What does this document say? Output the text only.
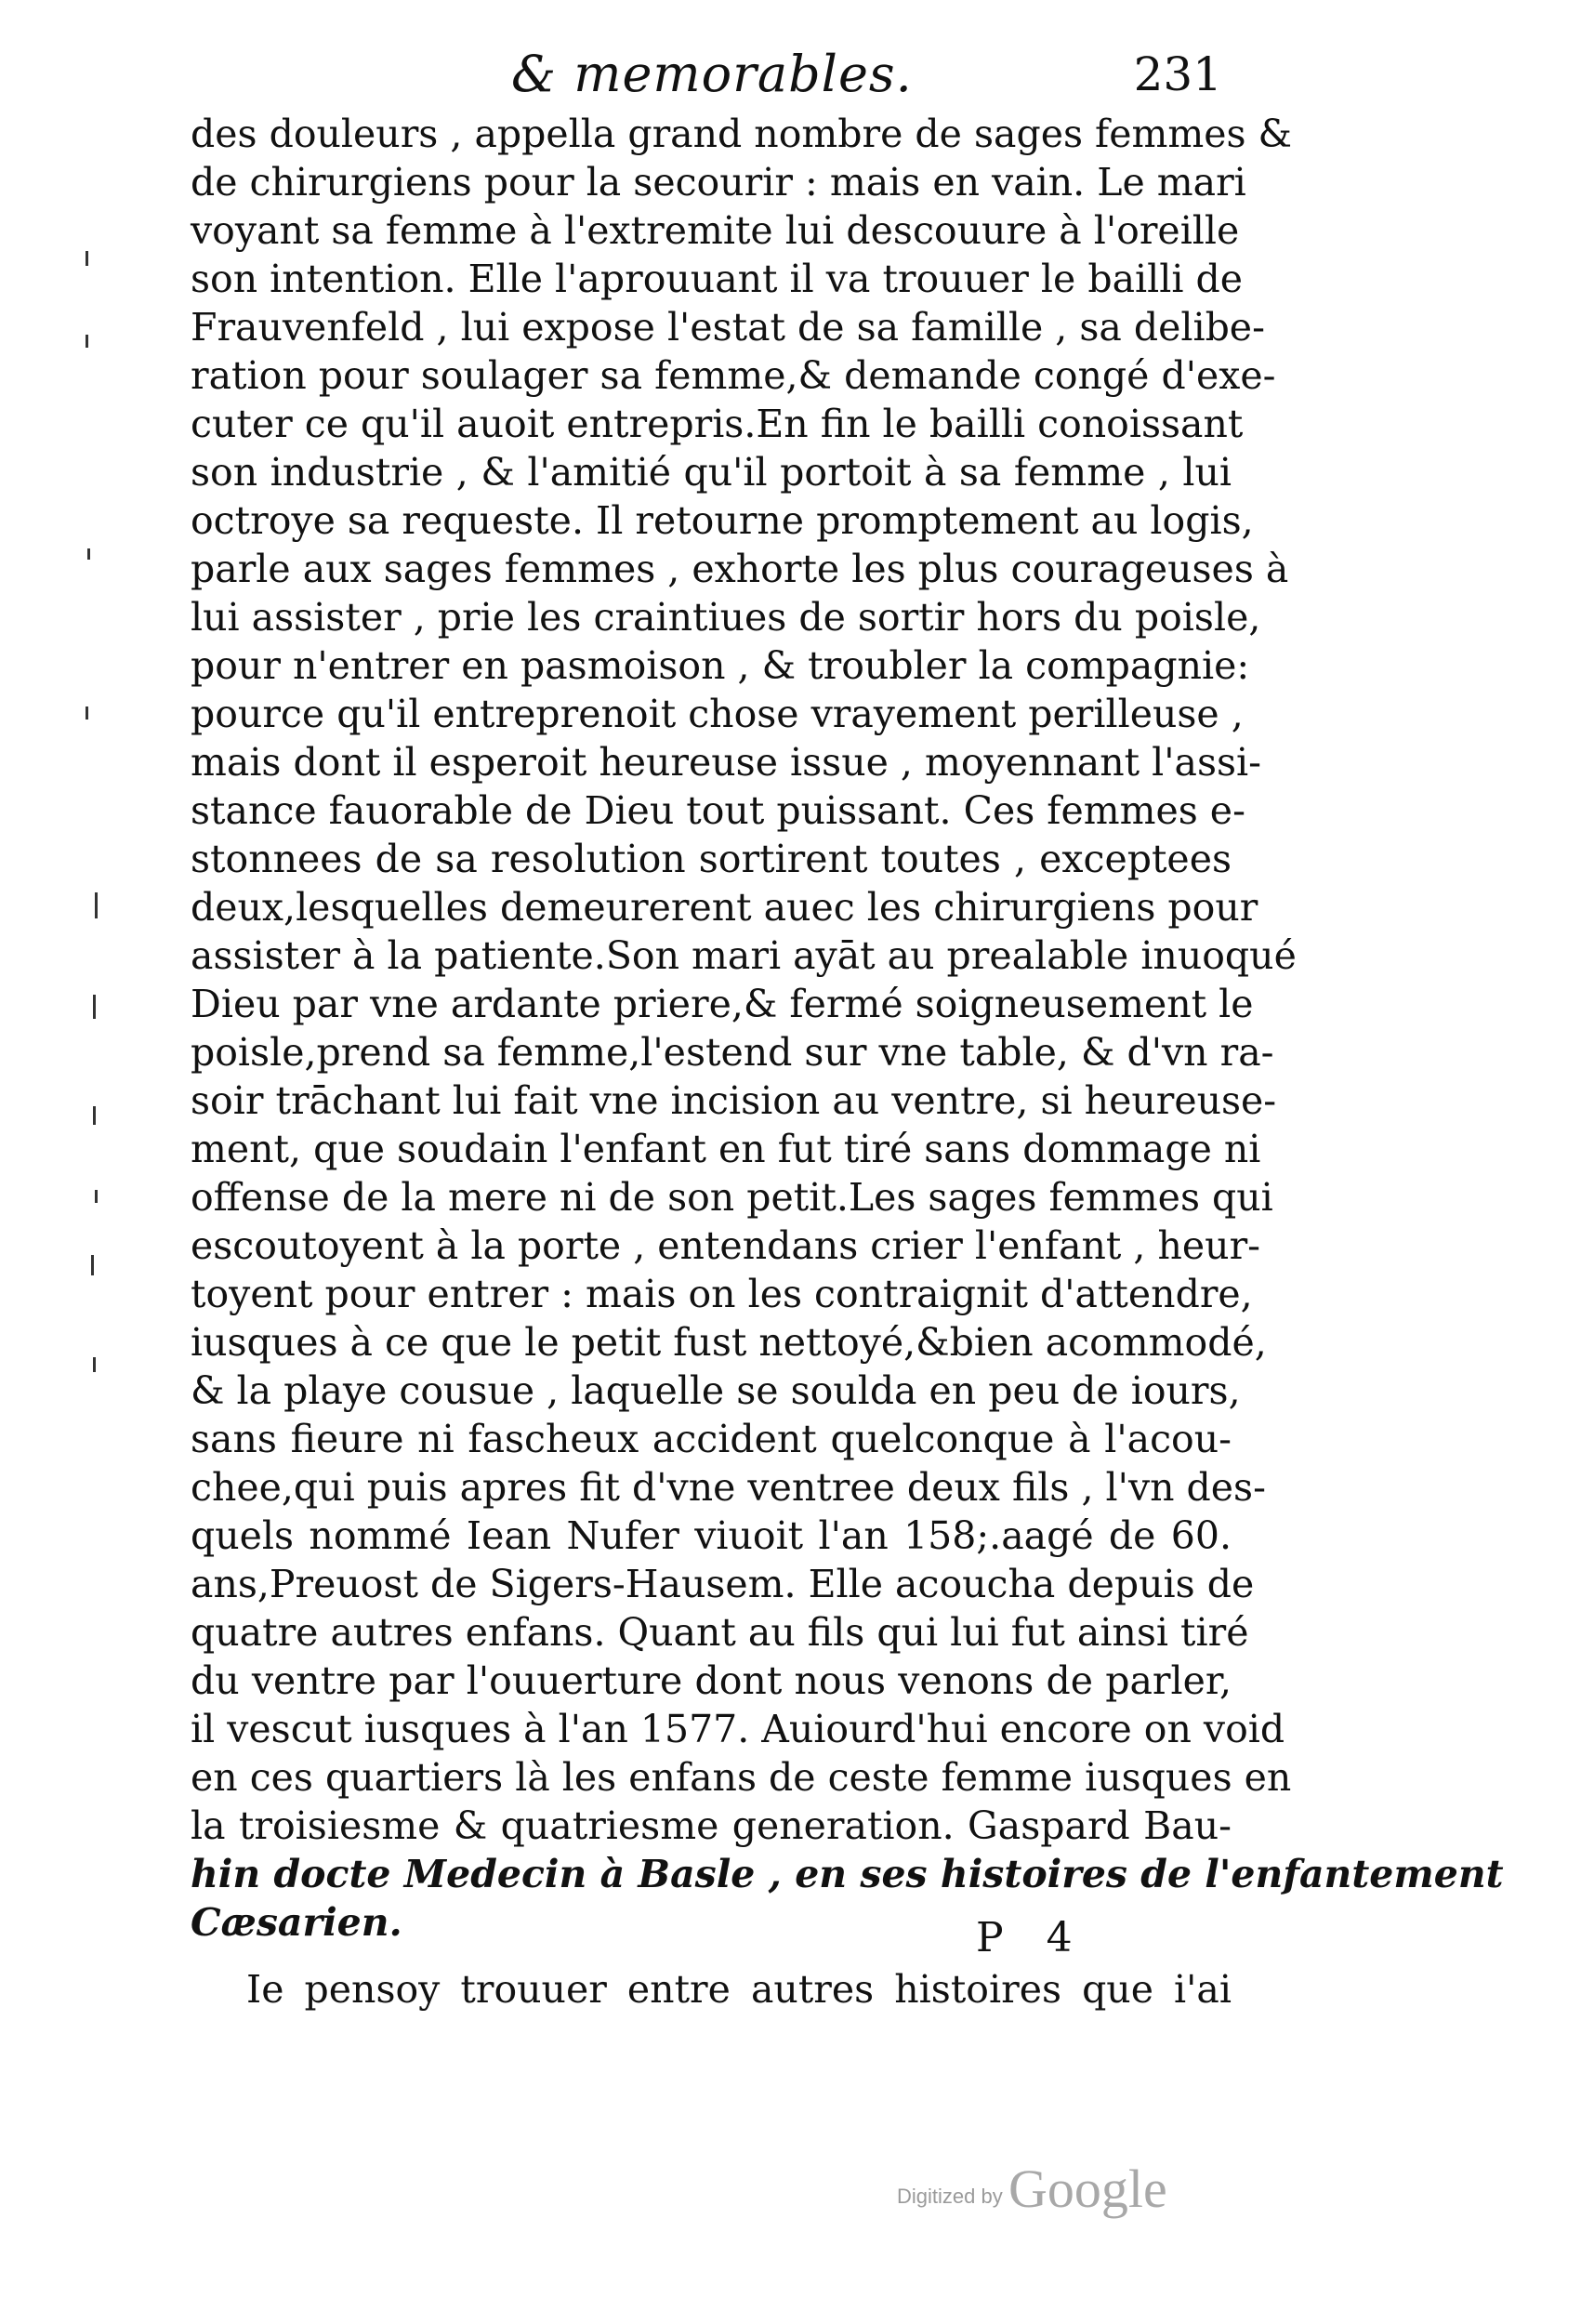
& memorables.	231
des douleurs , appella grand nombre de sages femmes &
de chirurgiens pour la secourir : mais en vain. Le mari
voyant sa femme à l'extremite lui descouure à l'oreille
son intention. Elle l'aprouuant il va trouuer le bailli de
Frauvenfeld , lui expose l'estat de sa famille , sa delibe-
ration pour soulager sa femme,& demande congé d'exe-
cuter ce qu'il auoit entrepris.En fin le bailli conoissant
son industrie , & l'amitié qu'il portoit à sa femme , lui
octroye sa requeste. Il retourne promptement au logis,
parle aux sages femmes , exhorte les plus courageuses à
lui assister , prie les craintiues de sortir hors du poisle,
pour n'entrer en pasmoison , & troubler la compagnie:
pource qu'il entreprenoit chose vrayement perilleuse ,
mais dont il esperoit heureuse issue , moyennant l'assi-
stance fauorable de Dieu tout puissant. Ces femmes e-
stonnees de sa resolution sortirent toutes , exceptees
deux,lesquelles demeurerent auec les chirurgiens pour
assister à la patiente.Son mari ayāt au prealable inuoqué
Dieu par vne ardante priere,& fermé soigneusement le
poisle,prend sa femme,l'estend sur vne table, & d'vn ra-
soir trāchant lui fait vne incision au ventre, si heureuse-
ment, que soudain l'enfant en fut tiré sans dommage ni
offense de la mere ni de son petit.Les sages femmes qui
escoutoyent à la porte , entendans crier l'enfant , heur-
toyent pour entrer : mais on les contraignit d'attendre,
iusques à ce que le petit fust nettoyé,&bien acommodé,
& la playe cousue , laquelle se soulda en peu de iours,
sans fieure ni fascheux accident quelconque à l'acou-
chee,qui puis apres fit d'vne ventree deux fils , l'vn des-
quels nommé Iean Nufer viuoit l'an 158;.aagé de 60.
ans,Preuost de Sigers-Hausem. Elle acoucha depuis de
quatre autres enfans. Quant au fils qui lui fut ainsi tiré
du ventre par l'ouuerture dont nous venons de parler,
il vescut iusques à l'an 1577. Auiourd'hui encore on void
en ces quartiers là les enfans de ceste femme iusques en
la troisiesme & quatriesme generation. Gaspard Bau-
hin docte Medecin à Basle , en ses histoires de l'enfantement
Cæsarien.
Ie pensoy trouuer entre autres histoires que i'ai
P 4
Digitized by Google
